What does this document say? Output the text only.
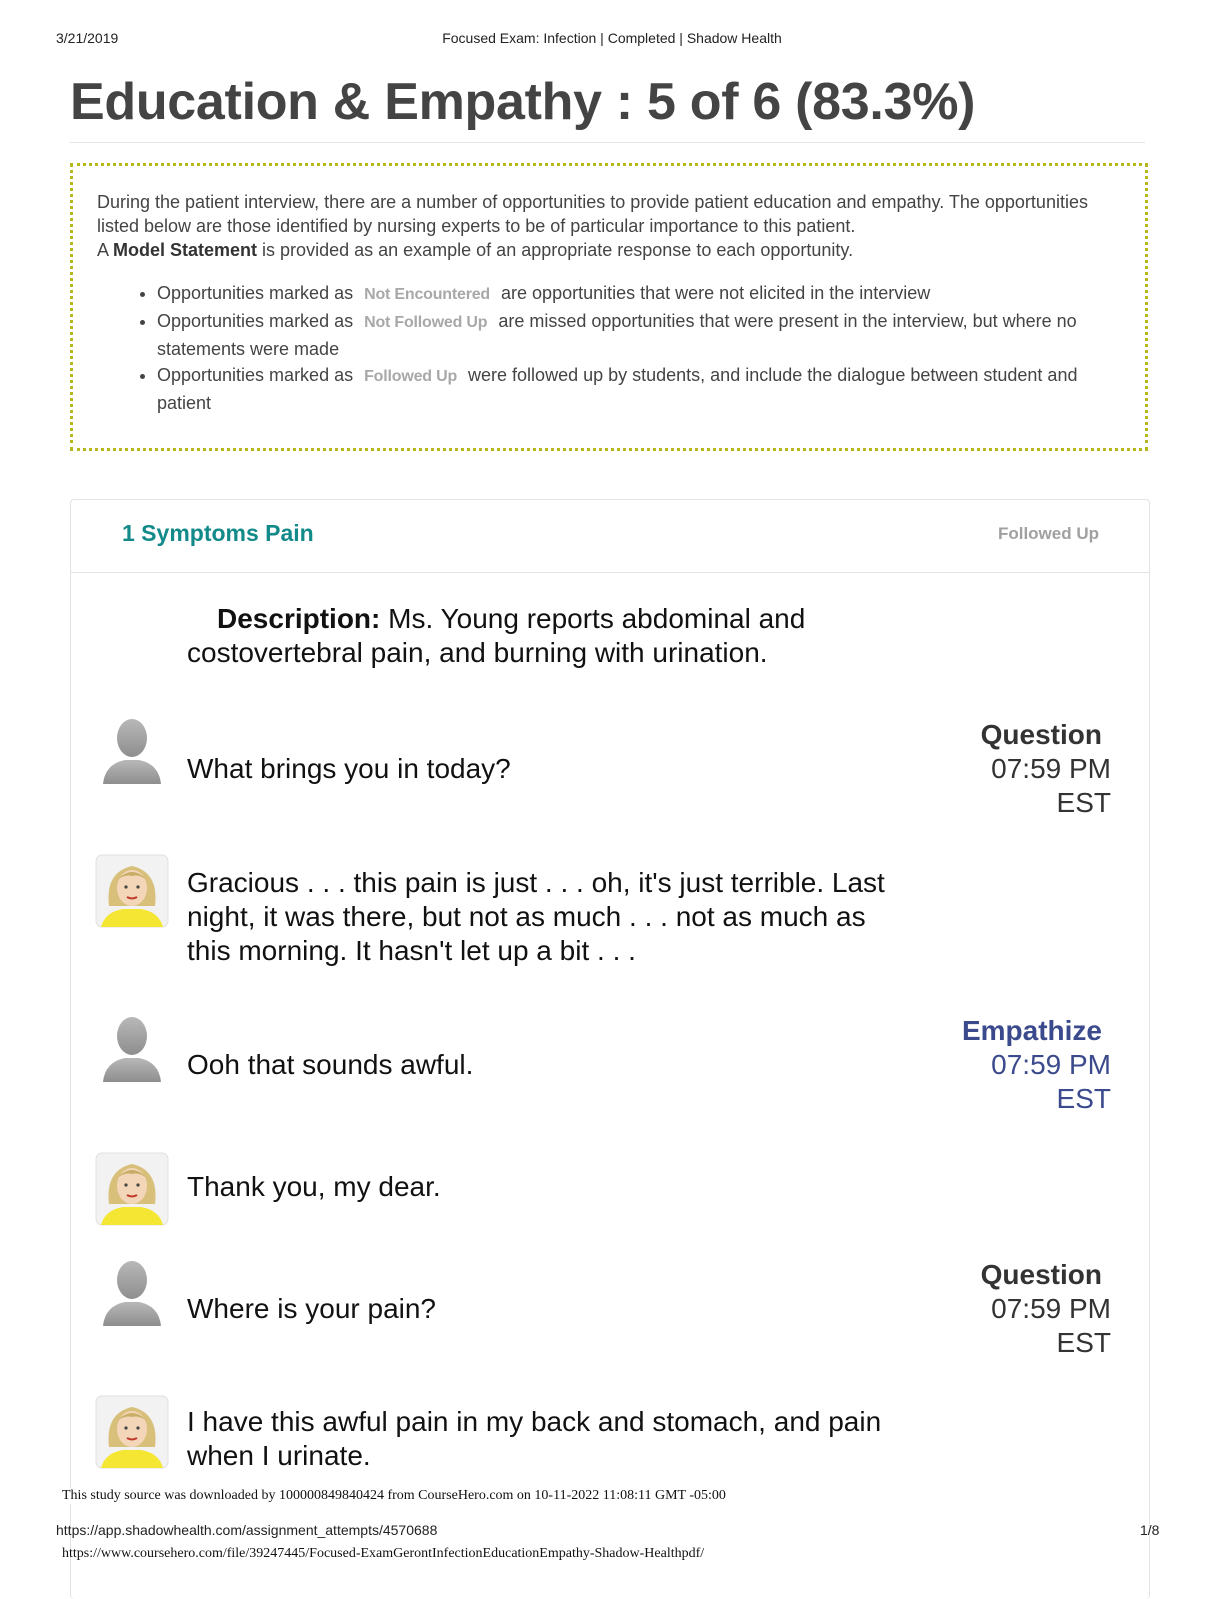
3/21/2019	Focused Exam: Infection | Completed | Shadow Health
Education & Empathy : 5 of 6 (83.3%)

During the patient interview, there are a number of opportunities to provide patient education and empathy. The opportunities listed below are those identified by nursing experts to be of particular importance to this patient.
A Model Statement is provided as an example of an appropriate response to each opportunity.

• Opportunities marked as Not Encountered are opportunities that were not elicited in the interview
• Opportunities marked as Not Followed Up are missed opportunities that were present in the interview, but where no statements were made
• Opportunities marked as Followed Up were followed up by students, and include the dialogue between student and patient
1 Symptoms Pain	Followed Up
Description: Ms. Young reports abdominal and costovertebral pain, and burning with urination.
What brings you in today?
Question
07:59 PM
EST
Gracious . . . this pain is just . . . oh, it's just terrible. Last night, it was there, but not as much . . . not as much as this morning. It hasn't let up a bit . . .
Ooh that sounds awful.
Empathize
07:59 PM
EST
Thank you, my dear.
Where is your pain?
Question
07:59 PM
EST
I have this awful pain in my back and stomach, and pain when I urinate.
This study source was downloaded by 100000849840424 from CourseHero.com on 10-11-2022 11:08:11 GMT -05:00
https://app.shadowhealth.com/assignment_attempts/4570688	1/8
https://www.coursehero.com/file/39247445/Focused-ExamGerontInfectionEducationEmpathy-Shadow-Healthpdf/
